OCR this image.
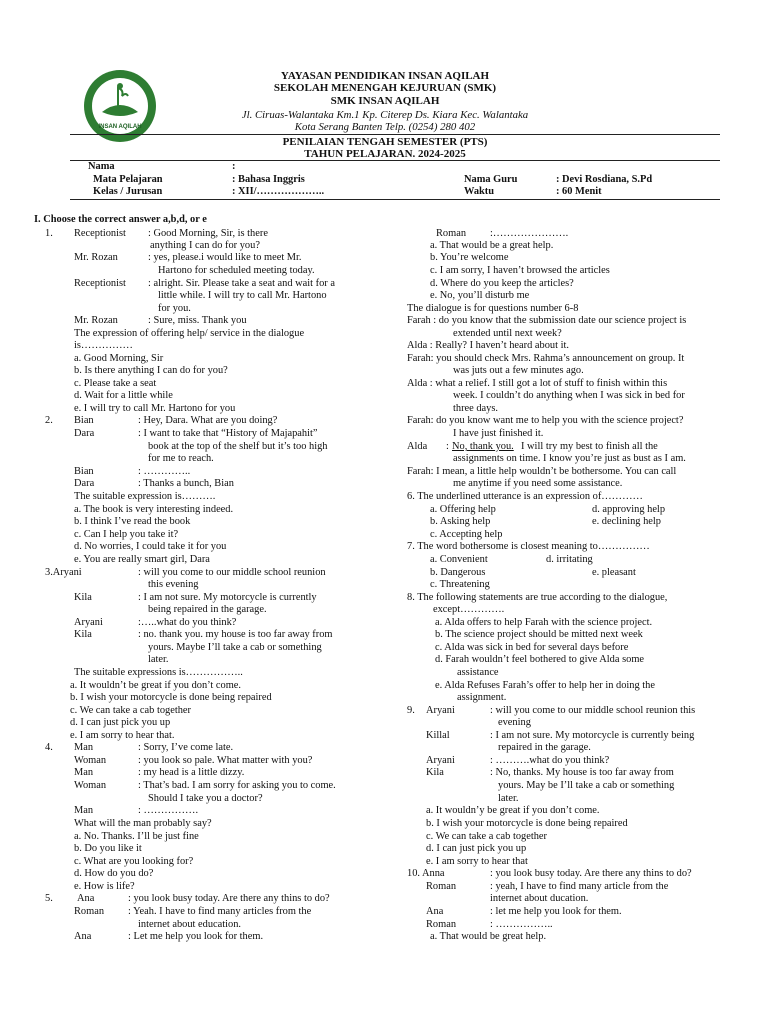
INSAN AQILAH
YAYASAN PENDIDIKAN INSAN AQILAH
SEKOLAH MENENGAH KEJURUAN (SMK)
SMK INSAN AQILAH
Jl. Ciruas-Walantaka Km.1 Kp. Citerep Ds. Kiara Kec. Walantaka
Kota Serang Banten Telp. (0254) 280 402
PENILAIAN TENGAH SEMESTER (PTS)
TAHUN PELAJARAN. 2024-2025
Nama	:
Mata Pelajaran	: Bahasa Inggris
Kelas / Jurusan	: XII/………………..
Nama Guru	: Devi Rosdiana, S.Pd
Waktu	: 60 Menit
I. Choose the correct answer a,b,d, or e
1. Receptionist : Good Morning, Sir, is there
anything I can do for you?
Mr. Rozan	: yes, please.i would like to meet Mr.
Hartono for scheduled meeting today.
Receptionist : alright. Sir. Please take a seat and wait for a
little while. I will try to call Mr. Hartono
for you.
Mr. Rozan	: Sure, miss. Thank you
The expression of offering help/ service in the dialogue
is……………
a. Good Morning, Sir
b. Is there anything I can do for you?
c. Please take a seat
d. Wait for a little while
e. I will try to call Mr. Hartono for you
2. Bian	: Hey, Dara. What are you doing?
Dara	: I want to take that “History of Majapahit”
book at the top of the shelf but it’s too high
for me to reach.
Bian	: …………..
Dara	: Thanks a bunch, Bian
The suitable expression is……….
a. The book is very interesting indeed.
b. I think I’ve read the book
c. Can I help you take it?
d. No worries, I could take it for you
e. You are really smart girl, Dara
3.Aryani	: will you come to our middle school reunion
this evening
Kila	: I am not sure. My motorcycle is currently
being repaired in the garage.
Aryani	:…..what do you think?
Kila	: no. thank you. my house is too far away from
yours. Maybe I’ll take a cab or something
later.
The suitable expressions is……………..
a. It wouldn’t be great if you don’t come.
b. I wish your motorcycle is done being repaired
c. We can take a cab together
d. I can just pick you up
e. I am sorry to hear that.
4. Man	: Sorry, I’ve come late.
Woman	: you look so pale. What matter with you?
Man	: my head is a little dizzy.
Woman	: That’s bad. I am sorry for asking you to come.
Should I take you a doctor?
Man	: …………….
What will the man probably say?
a. No. Thanks. I’ll be just fine
b. Do you like it
c. What are you looking for?
d. How do you do?
e. How is life?
5. Ana	: you look busy today. Are there any thins to do?
Roman : Yeah. I have to find many articles from the
internet about education.
Ana	: Let me help you look for them.
Roman :………………….
a. That would be a great help.
b. You’re welcome
c. I am sorry, I haven’t browsed the articles
d. Where do you keep the articles?
e. No, you’ll disturb me
The dialogue is for questions number 6-8
Farah : do you know that the submission date our science project is
extended until next week?
Alda : Really? I haven’t heard about it.
Farah: you should check Mrs. Rahma’s announcement on group. It
was juts out a few minutes ago.
Alda : what a relief. I still got a lot of stuff to finish within this
week. I couldn’t do anything when I was sick in bed for
three days.
Farah: do you know want me to help you with the science project?
I have just finished it.
Alda : No, thank you. I will try my best to finish all the
assignments on time. I know you’re just as bust as I am.
Farah: I mean, a little help wouldn’t be bothersome. You can call
me anytime if you need some assistance.
6. The underlined utterance is an expression of…………
a. Offering help	d. approving help
b. Asking help	e. declining help
c. Accepting help
7. The word bothersome is closest meaning to……………
a. Convenient	d. irritating
b. Dangerous	e. pleasant
c. Threatening
8. The following statements are true according to the dialogue,
except………….
a. Alda offers to help Farah with the science project.
b. The science project should be mitted next week
c. Alda was sick in bed for several days before
d. Farah wouldn’t feel bothered to give Alda some
assistance
e. Alda Refuses Farah’s offer to help her in doing the
assignment.
9. Aryani	: will you come to our middle school reunion this
evening
Killal	: I am not sure. My motorcycle is currently being
repaired in the garage.
Aryani	: ……….what do you think?
Kila	: No, thanks. My house is too far away from
yours. May be I’ll take a cab or something
later.
a. It wouldn’y be great if you don’t come.
b. I wish your motorcycle is done being repaired
c. We can take a cab together
d. I can just pick you up
e. I am sorry to hear that
10. Anna	: you look busy today. Are there any thins to do?
Roman	: yeah, I have to find many article from the
internet about ducation.
Ana	: let me help you look for them.
Roman	: ……………..
a. That would be great help.
